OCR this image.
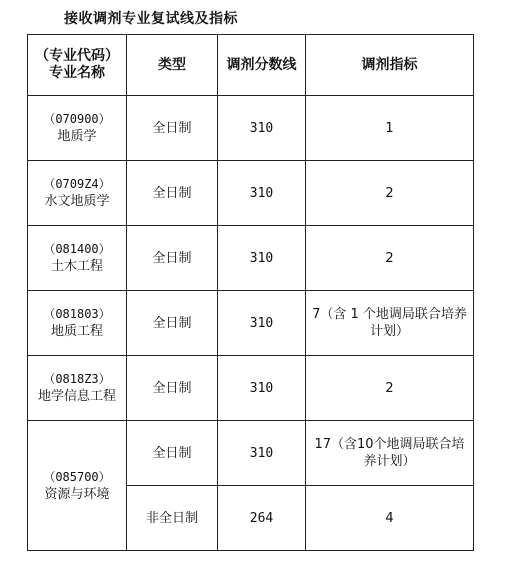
接收调剂专业复试线及指标
（专业代码）
专业名称	类型	调剂分数线	调剂指标

（070900）
地质学	全日制	310	1

（0709Z4）
水文地质学	全日制	310	2

（081400）
土木工程	全日制	310	2

（081803）
地质工程	全日制	310	7（含 1 个地调局联合培养计划）

（0818Z3）
地学信息工程	全日制	310	2

（085700）
资源与环境	全日制	310	17（含10个地调局联合培养计划）
	非全日制	264	4
